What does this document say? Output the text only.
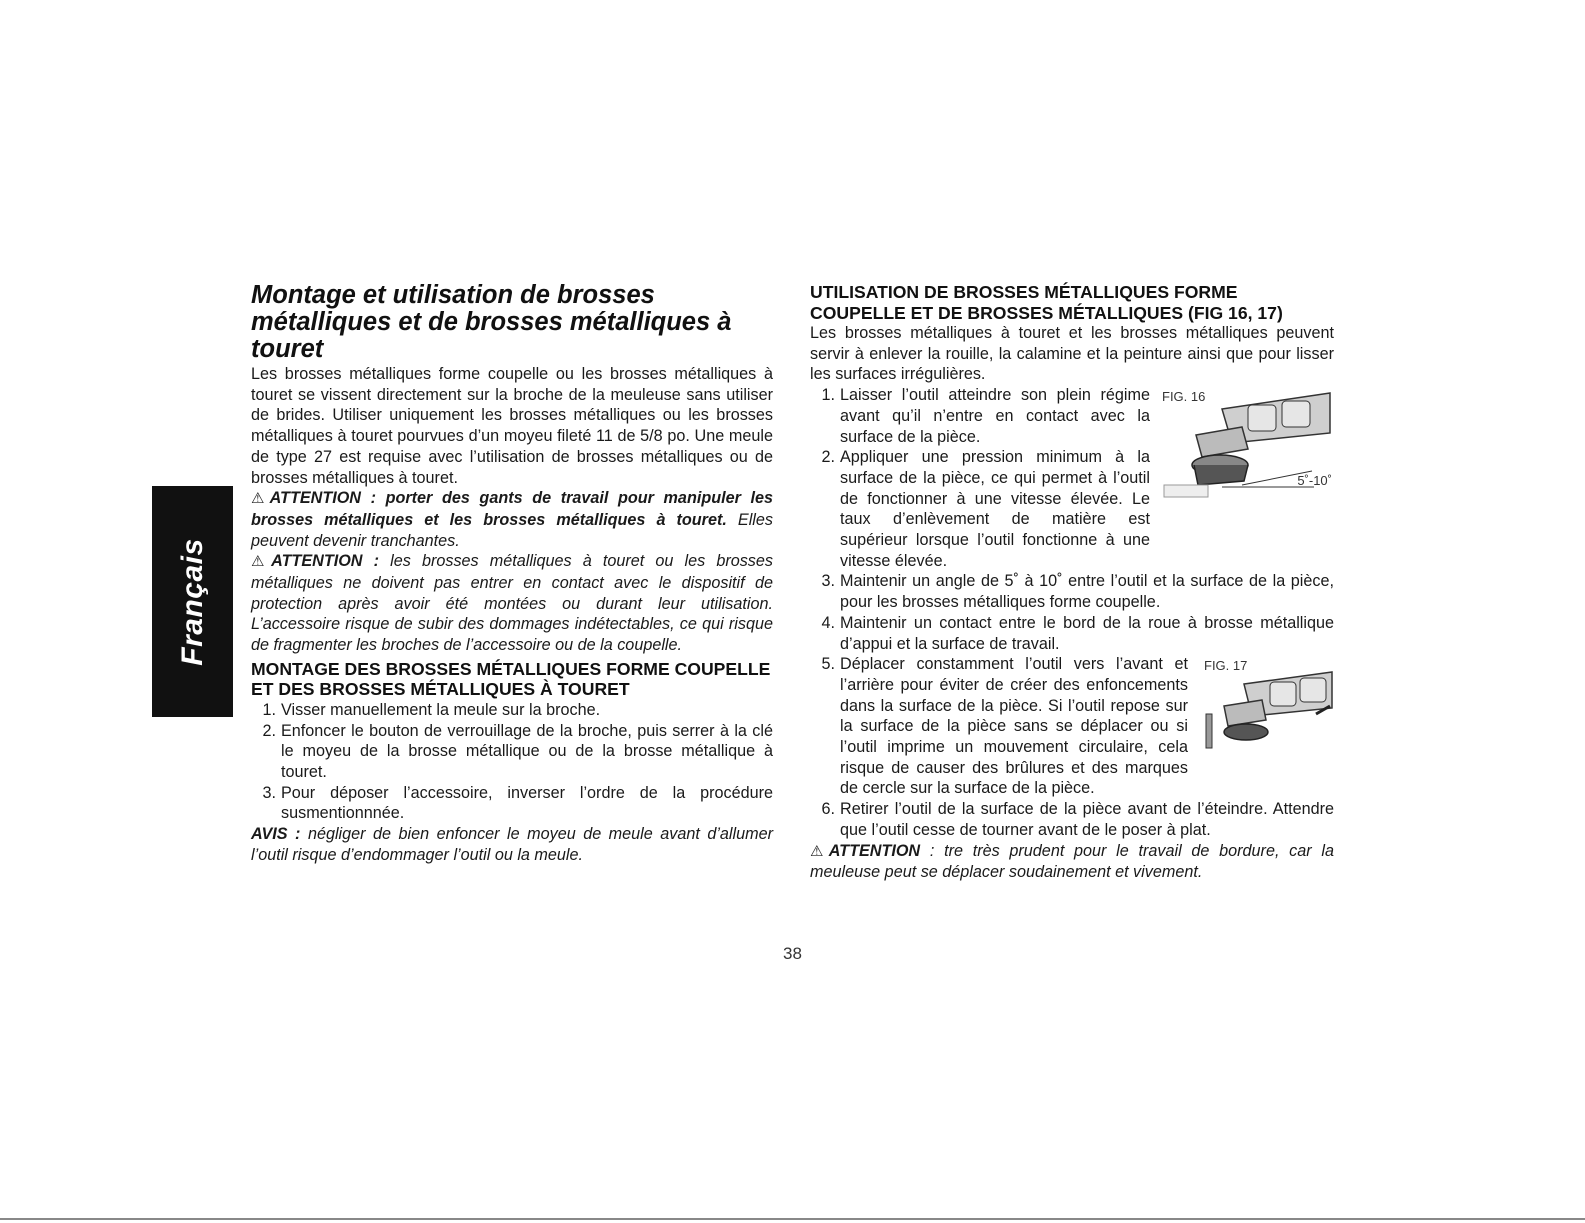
Français
Montage et utilisation de brosses métalliques et de brosses métalliques à touret

Les brosses métalliques forme coupelle ou les brosses métalliques à touret se vissent directement sur la broche de la meuleuse sans utiliser de brides. Utiliser uniquement les brosses métalliques ou les brosses métalliques à touret pourvues d’un moyeu fileté 11 de 5/8 po. Une meule de type 27 est requise avec l’utilisation de brosses métalliques ou de brosses métalliques à touret.

⚠ATTENTION : porter des gants de travail pour manipuler les brosses métalliques et les brosses métalliques à touret. Elles peuvent devenir tranchantes.

⚠ATTENTION : les brosses métalliques à touret ou les brosses métalliques ne doivent pas entrer en contact avec le dispositif de protection après avoir été montées ou durant leur utilisation. L’accessoire risque de subir des dommages indétectables, ce qui risque de fragmenter les broches de l’accessoire ou de la coupelle.

MONTAGE DES BROSSES MÉTALLIQUES FORME COUPELLE ET DES BROSSES MÉTALLIQUES À TOURET
1. Visser manuellement la meule sur la broche.
2. Enfoncer le bouton de verrouillage de la broche, puis serrer à la clé le moyeu de la brosse métallique ou de la brosse métallique à touret.
3. Pour déposer l’accessoire, inverser l’ordre de la procédure susmentionnnée.

AVIS : négliger de bien enfoncer le moyeu de meule avant d’allumer l’outil risque d’endommager l’outil ou la meule.

UTILISATION DE BROSSES MÉTALLIQUES FORME COUPELLE ET DE BROSSES MÉTALLIQUES (FIG 16, 17)

Les brosses métalliques à touret et les brosses métalliques peuvent servir à enlever la rouille, la calamine et la peinture ainsi que pour lisser les surfaces irrégulières.

FIG. 16
5˚-10˚
1. Laisser l’outil atteindre son plein régime avant qu’il n’entre en contact avec la surface de la pièce.
2. Appliquer une pression minimum à la surface de la pièce, ce qui permet à l’outil de fonctionner à une vitesse élevée. Le taux d’enlèvement de matière est supérieur lorsque l’outil fonctionne à une vitesse élevée.
3. Maintenir un angle de 5˚ à 10˚ entre l’outil et la surface de la pièce, pour les brosses métalliques forme coupelle.
4. Maintenir un contact entre le bord de la roue à brosse métallique d’appui et la surface de travail.
FIG. 17
5. Déplacer constamment l’outil vers l’avant et l’arrière pour éviter de créer des enfoncements dans la surface de la pièce. Si l’outil repose sur la surface de la pièce sans se déplacer ou si l’outil imprime un mouvement circulaire, cela risque de causer des brûlures et des marques de cercle sur la surface de la pièce.
6. Retirer l’outil de la surface de la pièce avant de l’éteindre. Attendre que l’outil cesse de tourner avant de le poser à plat.

⚠ATTENTION : tre très prudent pour le travail de bordure, car la meuleuse peut se déplacer soudainement et vivement.

38
